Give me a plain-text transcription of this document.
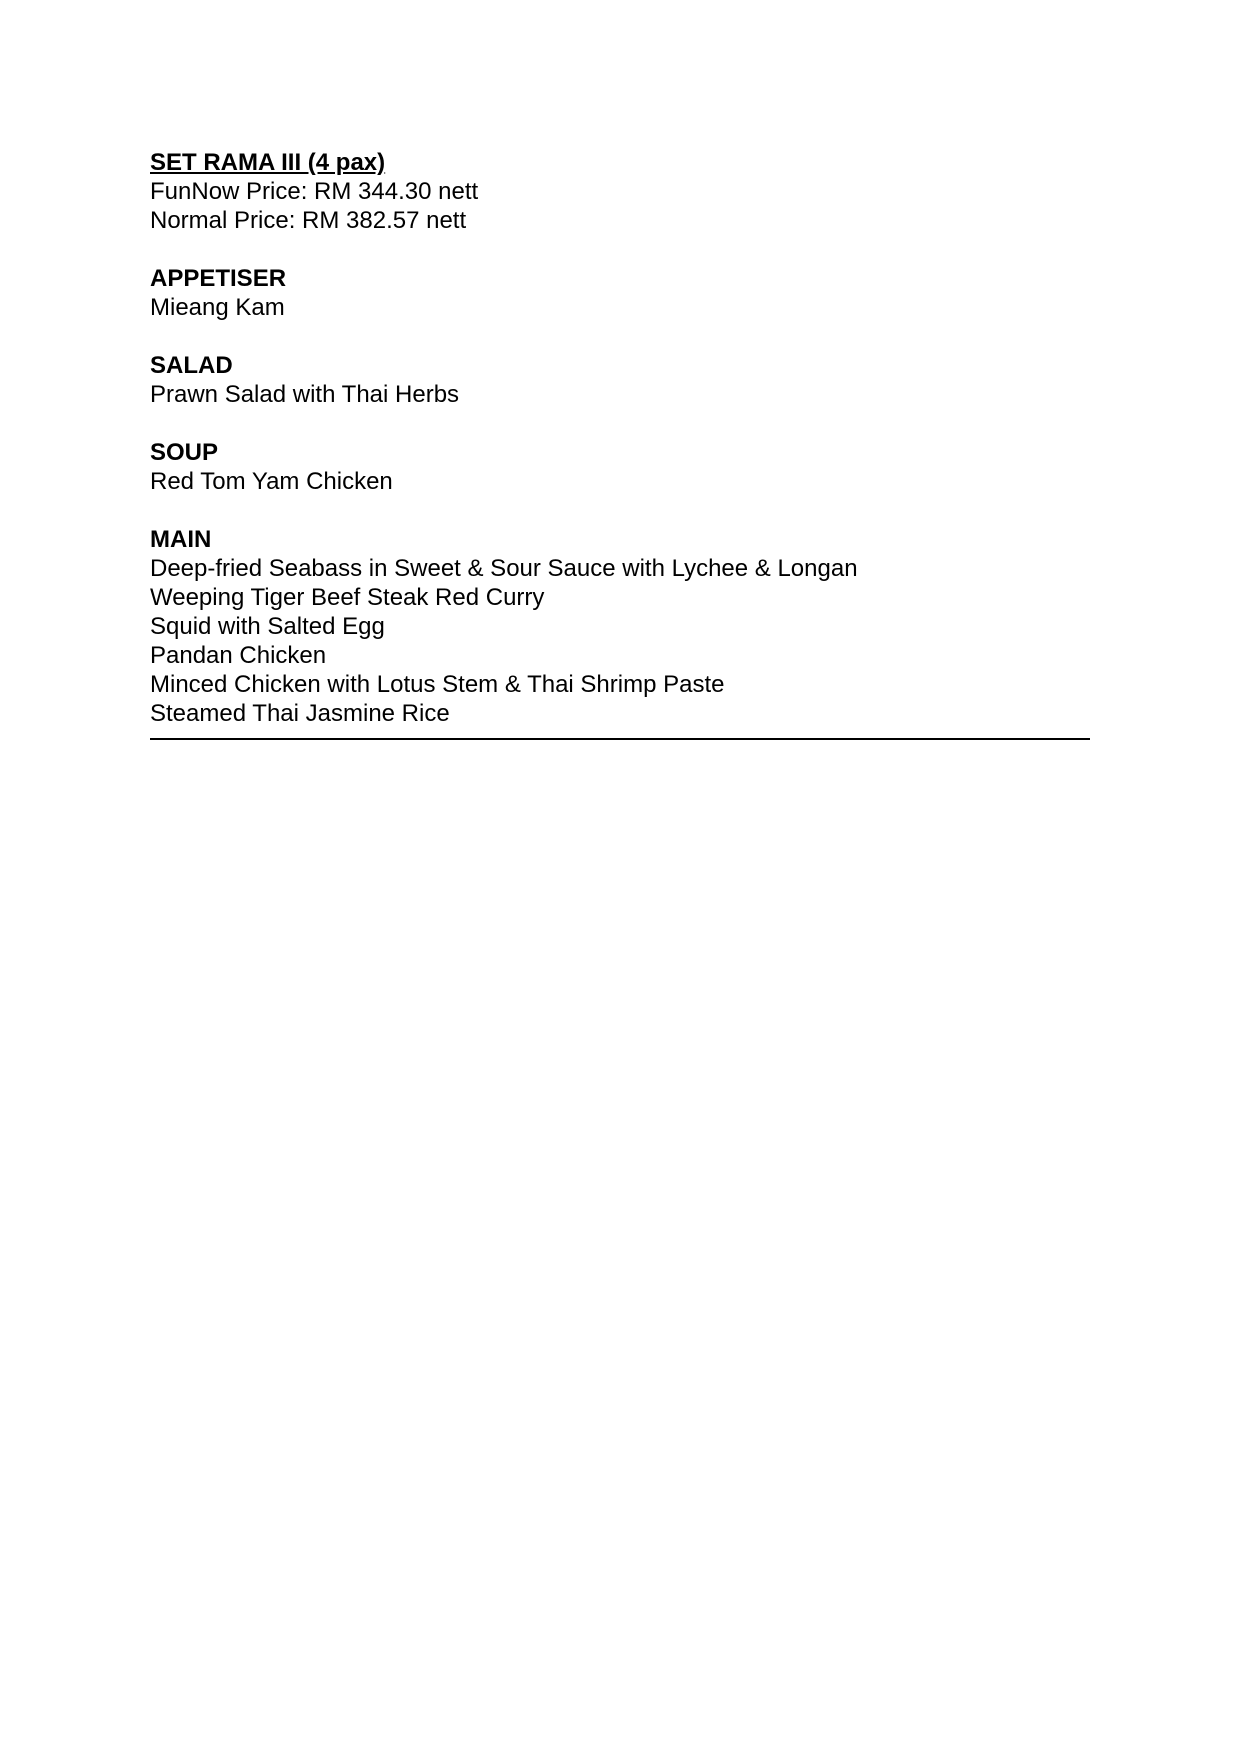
SET RAMA III (4 pax)
FunNow Price: RM 344.30 nett
Normal Price: RM 382.57 nett
APPETISER
Mieang Kam
SALAD
Prawn Salad with Thai Herbs
SOUP
Red Tom Yam Chicken
MAIN
Deep-fried Seabass in Sweet & Sour Sauce with Lychee & Longan
Weeping Tiger Beef Steak Red Curry
Squid with Salted Egg
Pandan Chicken
Minced Chicken with Lotus Stem & Thai Shrimp Paste
Steamed Thai Jasmine Rice
